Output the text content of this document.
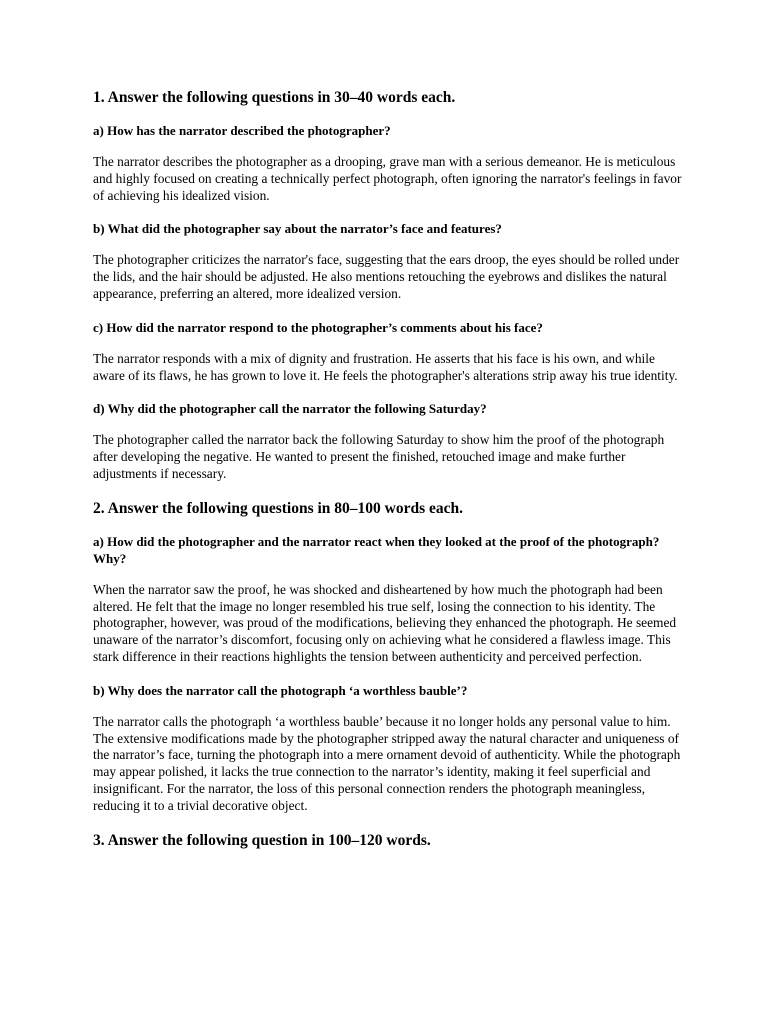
1. Answer the following questions in 30–40 words each.
a) How has the narrator described the photographer?
The narrator describes the photographer as a drooping, grave man with a serious demeanor. He is meticulous and highly focused on creating a technically perfect photograph, often ignoring the narrator's feelings in favor of achieving his idealized vision.
b) What did the photographer say about the narrator’s face and features?
The photographer criticizes the narrator's face, suggesting that the ears droop, the eyes should be rolled under the lids, and the hair should be adjusted. He also mentions retouching the eyebrows and dislikes the natural appearance, preferring an altered, more idealized version.
c) How did the narrator respond to the photographer’s comments about his face?
The narrator responds with a mix of dignity and frustration. He asserts that his face is his own, and while aware of its flaws, he has grown to love it. He feels the photographer's alterations strip away his true identity.
d) Why did the photographer call the narrator the following Saturday?
The photographer called the narrator back the following Saturday to show him the proof of the photograph after developing the negative. He wanted to present the finished, retouched image and make further adjustments if necessary.
2. Answer the following questions in 80–100 words each.
a) How did the photographer and the narrator react when they looked at the proof of the photograph? Why?
When the narrator saw the proof, he was shocked and disheartened by how much the photograph had been altered. He felt that the image no longer resembled his true self, losing the connection to his identity. The photographer, however, was proud of the modifications, believing they enhanced the photograph. He seemed unaware of the narrator’s discomfort, focusing only on achieving what he considered a flawless image. This stark difference in their reactions highlights the tension between authenticity and perceived perfection.
b) Why does the narrator call the photograph ‘a worthless bauble’?
The narrator calls the photograph ‘a worthless bauble’ because it no longer holds any personal value to him. The extensive modifications made by the photographer stripped away the natural character and uniqueness of the narrator’s face, turning the photograph into a mere ornament devoid of authenticity. While the photograph may appear polished, it lacks the true connection to the narrator’s identity, making it feel superficial and insignificant. For the narrator, the loss of this personal connection renders the photograph meaningless, reducing it to a trivial decorative object.
3. Answer the following question in 100–120 words.
